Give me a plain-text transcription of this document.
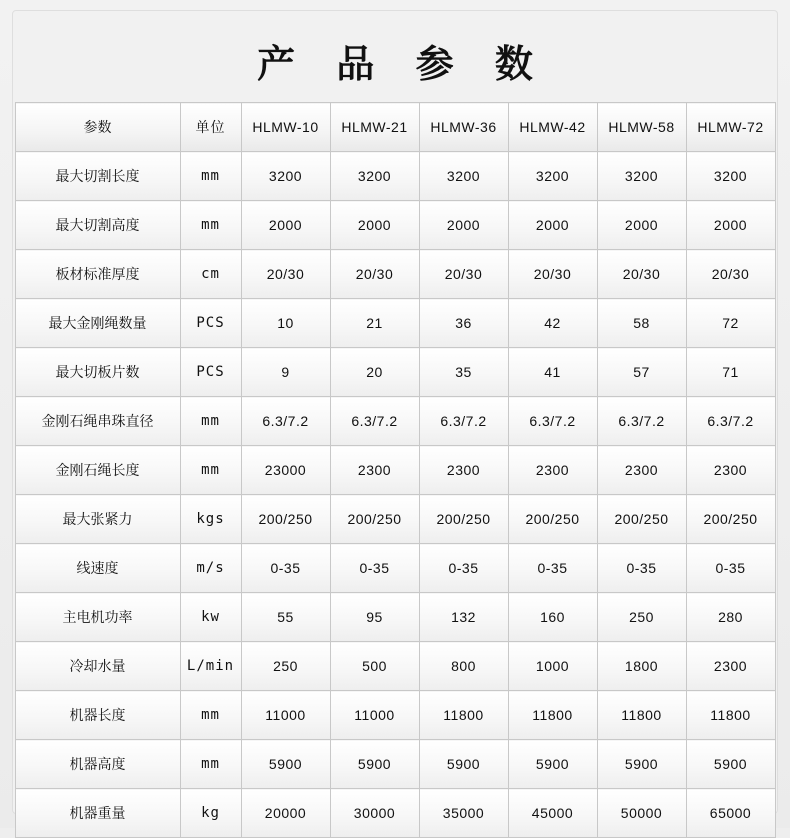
产 品 参 数
参数	单位	HLMW-10	HLMW-21	HLMW-36	HLMW-42	HLMW-58	HLMW-72
最大切割长度	mm	3200	3200	3200	3200	3200	3200
最大切割高度	mm	2000	2000	2000	2000	2000	2000
板材标准厚度	cm	20/30	20/30	20/30	20/30	20/30	20/30
最大金刚绳数量	PCS	10	21	36	42	58	72
最大切板片数	PCS	9	20	35	41	57	71
金刚石绳串珠直径	mm	6.3/7.2	6.3/7.2	6.3/7.2	6.3/7.2	6.3/7.2	6.3/7.2
金刚石绳长度	mm	23000	2300	2300	2300	2300	2300
最大张紧力	kgs	200/250	200/250	200/250	200/250	200/250	200/250
线速度	m/s	0-35	0-35	0-35	0-35	0-35	0-35
主电机功率	kw	55	95	132	160	250	280
冷却水量	L/min	250	500	800	1000	1800	2300
机器长度	mm	11000	11000	11800	11800	11800	11800
机器高度	mm	5900	5900	5900	5900	5900	5900
机器重量	kg	20000	30000	35000	45000	50000	65000
